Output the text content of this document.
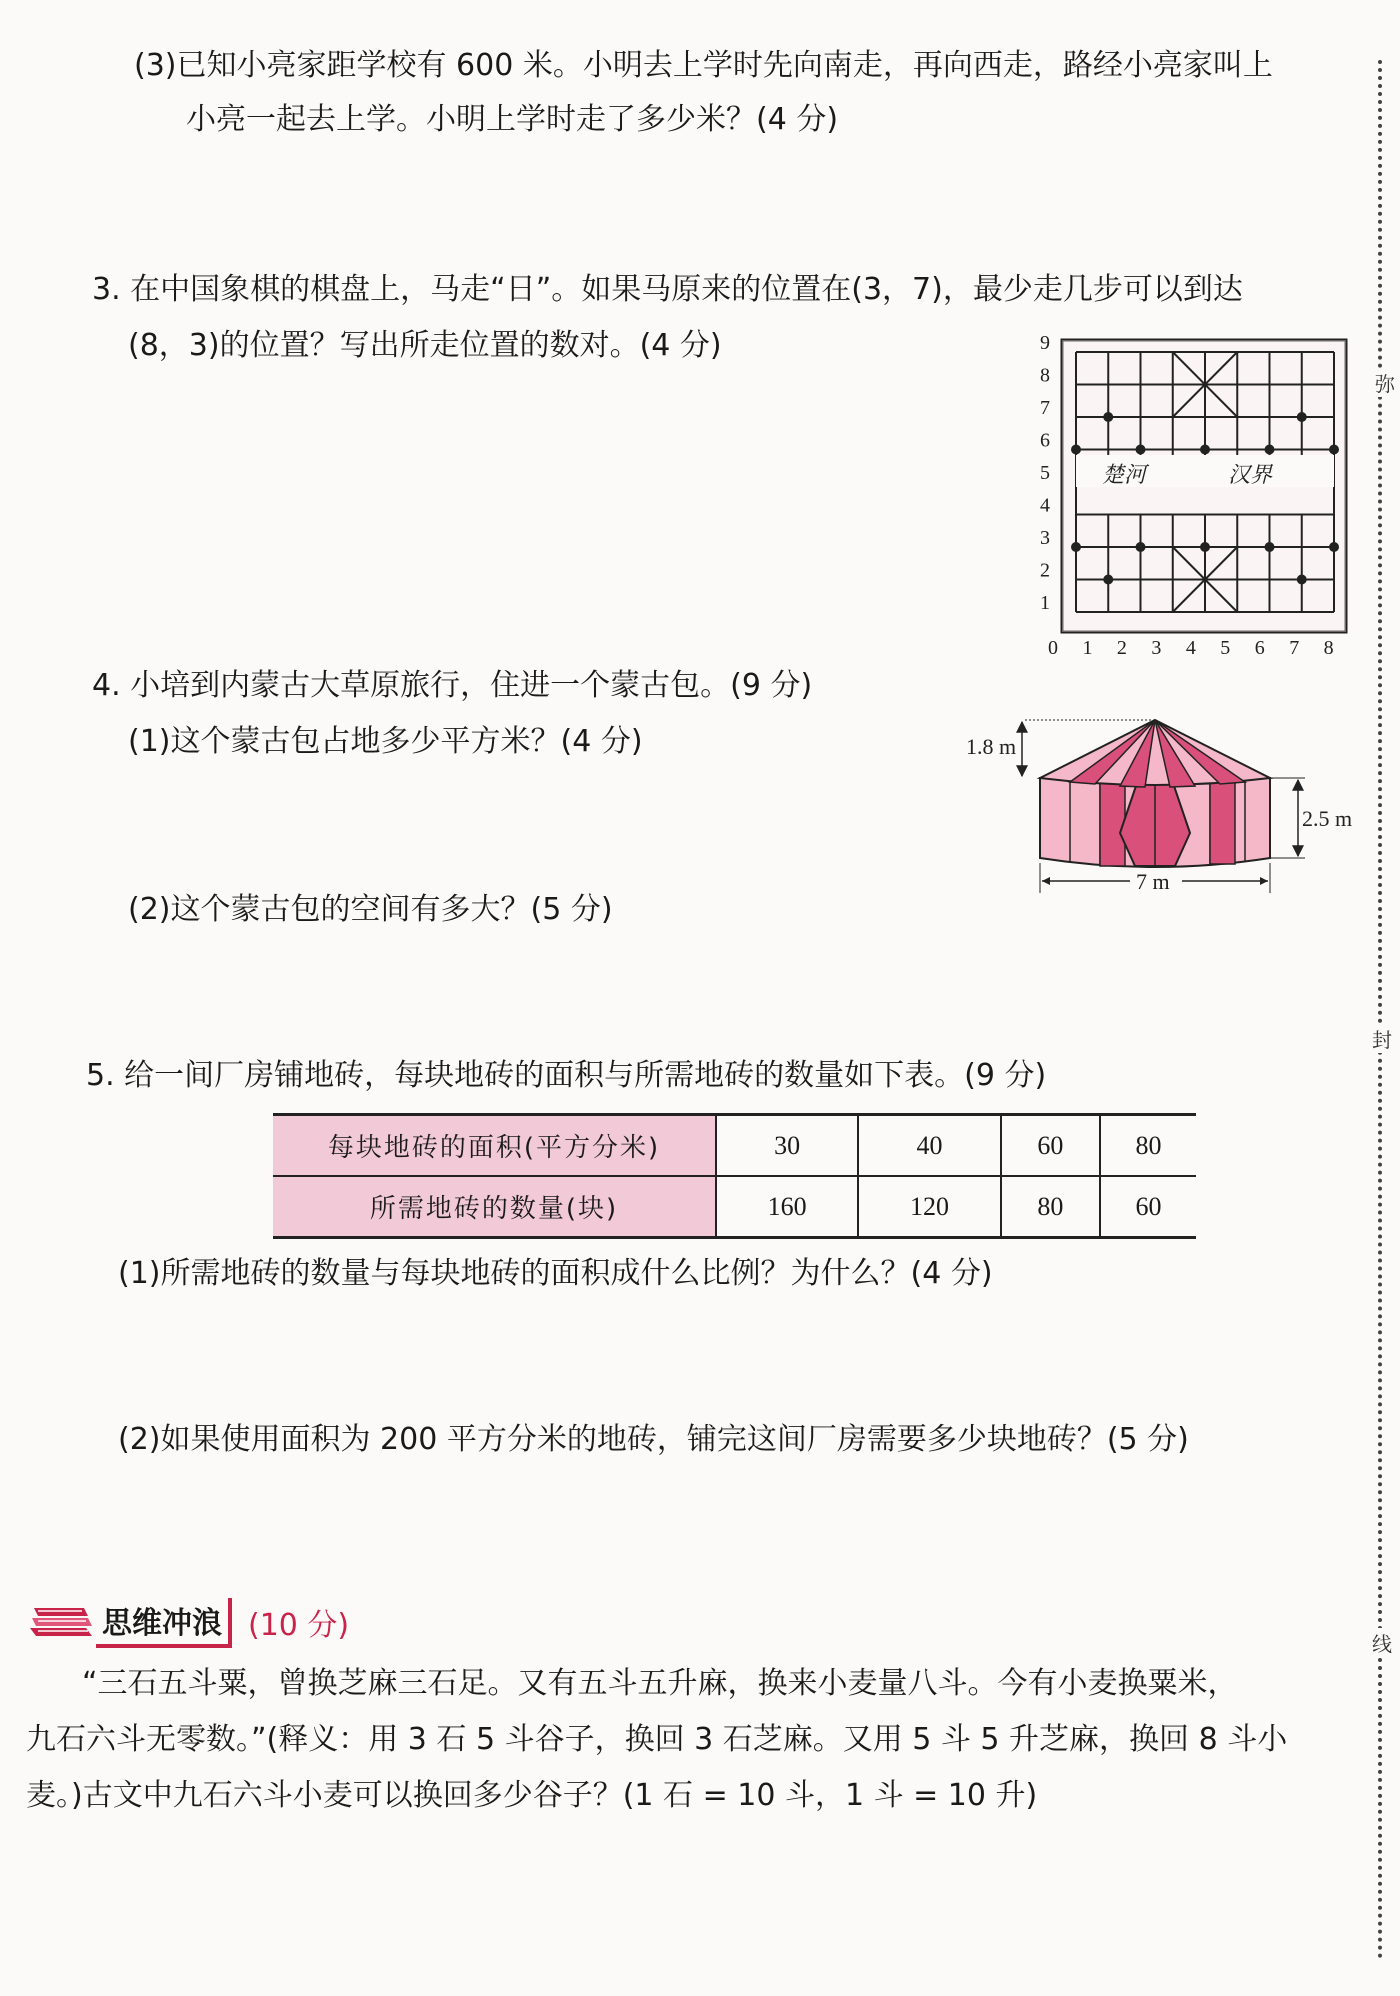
(3)已知小亮家距学校有 600 米。小明去上学时先向南走，再向西走，路经小亮家叫上
小亮一起去上学。小明上学时走了多少米？(4 分)
3. 在中国象棋的棋盘上，马走“日”。如果马原来的位置在(3，7)，最少走几步可以到达
(8，3)的位置？写出所走位置的数对。(4 分)	9
8
7
6
5
4
3
2
1
0 1 2 3 4 5 6 7 8
楚河	汉界
4. 小培到内蒙古大草原旅行，住进一个蒙古包。(9 分)
(1)这个蒙古包占地多少平方米？(4 分)
(2)这个蒙古包的空间有多大？(5 分)
1.8 m
2.5 m
7 m
5. 给一间厂房铺地砖，每块地砖的面积与所需地砖的数量如下表。(9 分)
每块地砖的面积(平方分米)	30	40	60	80
所需地砖的数量(块)	160	120	80	60
(1)所需地砖的数量与每块地砖的面积成什么比例？为什么？(4 分)
(2)如果使用面积为 200 平方分米的地砖，铺完这间厂房需要多少块地砖？(5 分)
思维冲浪 (10 分)
“三石五斗粟，曾换芝麻三石足。又有五斗五升麻，换来小麦量八斗。今有小麦换粟米，
九石六斗无零数。”(释义：用 3 石 5 斗谷子，换回 3 石芝麻。又用 5 斗 5 升芝麻，换回 8 斗小
麦。)古文中九石六斗小麦可以换回多少谷子？(1 石 = 10 斗，1 斗 = 10 升)
弥
封
线
